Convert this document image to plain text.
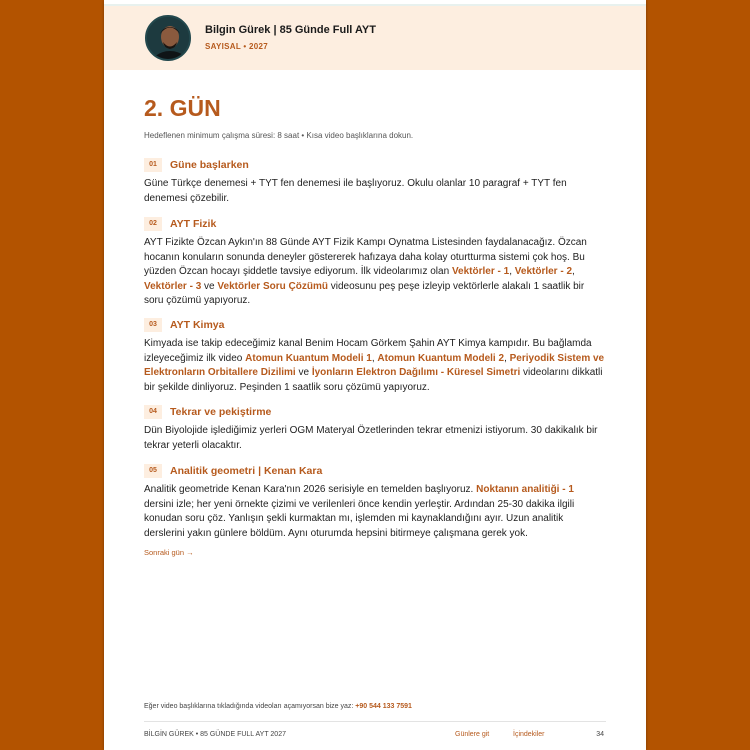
Bilgin Gürek | 85 Günde Full AYT
SAYISAL • 2027
2. GÜN
Hedeflenen minimum çalışma süresi: 8 saat • Kısa video başlıklarına dokun.
01	Güne başlarken

Güne Türkçe denemesi + TYT fen denemesi ile başlıyoruz. Okulu olanlar 10 paragraf + TYT fen denemesi çözebilir.

02	AYT Fizik

AYT Fizikte Özcan Aykın'ın 88 Günde AYT Fizik Kampı Oynatma Listesinden faydalanacağız. Özcan hocanın konuların sonunda deneyler göstererek hafızaya daha kolay oturtturma sistemi çok hoş. Bu yüzden Özcan hocayı şiddetle tavsiye ediyorum. İlk videolarımız olan Vektörler - 1, Vektörler - 2, Vektörler - 3 ve Vektörler Soru Çözümü videosunu peş peşe izleyip vektörlerle alakalı 1 saatlik bir soru çözümü yapıyoruz.

03	AYT Kimya

Kimyada ise takip edeceğimiz kanal Benim Hocam Görkem Şahin AYT Kimya kampıdır. Bu bağlamda izleyeceğimiz ilk video Atomun Kuantum Modeli 1, Atomun Kuantum Modeli 2, Periyodik Sistem ve Elektronların Orbitallere Dizilimi ve İyonların Elektron Dağılımı - Küresel Simetri videolarını dikkatli bir şekilde dinliyoruz. Peşinden 1 saatlik soru çözümü yapıyoruz.

04	Tekrar ve pekiştirme

Dün Biyolojide işlediğimiz yerleri OGM Materyal Özetlerinden tekrar etmenizi istiyorum. 30 dakikalık bir tekrar yeterli olacaktır.

05	Analitik geometri | Kenan Kara

Analitik geometride Kenan Kara'nın 2026 serisiyle en temelden başlıyoruz. Noktanın analitiği - 1 dersini izle; her yeni örnekte çizimi ve verilenleri önce kendin yerleştir. Ardından 25-30 dakika ilgili konudan soru çöz. Yanlışın şekli kurmaktan mı, işlemden mi kaynaklandığını ayır. Uzun analitik derslerini yakın günlere böldüm. Aynı oturumda hepsini bitirmeye çalışmana gerek yok.

Sonraki gün →
Eğer video başlıklarına tıkladığında videoları açamıyorsan bize yaz: +90 544 133 7591
BİLGİN GÜREK • 85 GÜNDE FULL AYT 2027	Günlere git	İçindekiler	34
